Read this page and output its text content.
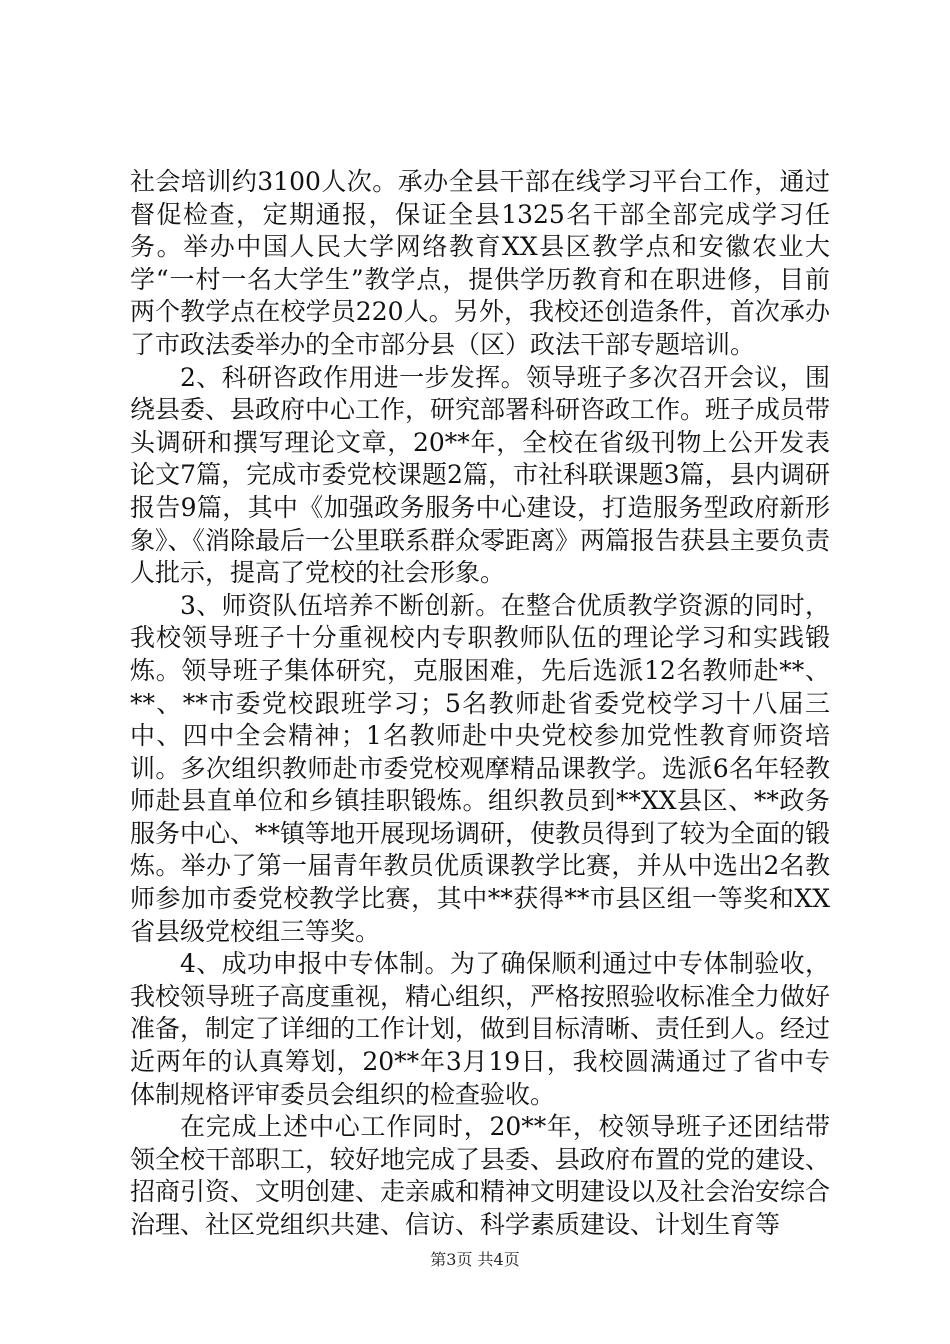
社会培训约3100人次。承办全县干部在线学习平台工作，通过督促检查，定期通报，保证全县1325名干部全部完成学习任务。举办中国人民大学网络教育XX县区教学点和安徽农业大学“一村一名大学生”教学点，提供学历教育和在职进修，目前两个教学点在校学员220人。另外，我校还创造条件，首次承办了市政法委举办的全市部分县（区）政法干部专题培训。

2、科研咨政作用进一步发挥。领导班子多次召开会议，围绕县委、县政府中心工作，研究部署科研咨政工作。班子成员带头调研和撰写理论文章，20**年，全校在省级刊物上公开发表论文7篇，完成市委党校课题2篇，市社科联课题3篇，县内调研报告9篇，其中《加强政务服务中心建设，打造服务型政府新形象》、《消除最后一公里联系群众零距离》两篇报告获县主要负责人批示，提高了党校的社会形象。

3、师资队伍培养不断创新。在整合优质教学资源的同时，我校领导班子十分重视校内专职教师队伍的理论学习和实践锻炼。领导班子集体研究，克服困难，先后选派12名教师赴**、**、**市委党校跟班学习；5名教师赴省委党校学习十八届三中、四中全会精神；1名教师赴中央党校参加党性教育师资培训。多次组织教师赴市委党校观摩精品课教学。选派6名年轻教师赴县直单位和乡镇挂职锻炼。组织教员到**XX县区、**政务服务中心、**镇等地开展现场调研，使教员得到了较为全面的锻炼。举办了第一届青年教员优质课教学比赛，并从中选出2名教师参加市委党校教学比赛，其中**获得**市县区组一等奖和XX省县级党校组三等奖。

4、成功申报中专体制。为了确保顺利通过中专体制验收，我校领导班子高度重视，精心组织，严格按照验收标准全力做好准备，制定了详细的工作计划，做到目标清晰、责任到人。经过近两年的认真筹划，20**年3月19日，我校圆满通过了省中专体制规格评审委员会组织的检查验收。

在完成上述中心工作同时，20**年，校领导班子还团结带领全校干部职工，较好地完成了县委、县政府布置的党的建设、招商引资、文明创建、走亲戚和精神文明建设以及社会治安综合治理、社区党组织共建、信访、科学素质建设、计划生育等

第3页 共4页
